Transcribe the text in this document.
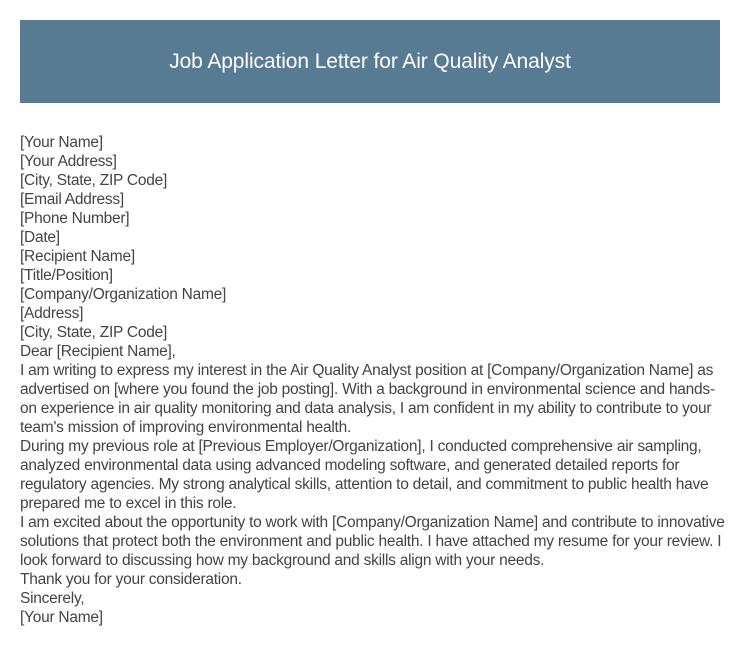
Job Application Letter for Air Quality Analyst
[Your Name]
[Your Address]
[City, State, ZIP Code]
[Email Address]
[Phone Number]
[Date]
[Recipient Name]
[Title/Position]
[Company/Organization Name]
[Address]
[City, State, ZIP Code]
Dear [Recipient Name],

I am writing to express my interest in the Air Quality Analyst position at [Company/Organization Name] as advertised on [where you found the job posting]. With a background in environmental science and hands-on experience in air quality monitoring and data analysis, I am confident in my ability to contribute to your team's mission of improving environmental health.

During my previous role at [Previous Employer/Organization], I conducted comprehensive air sampling, analyzed environmental data using advanced modeling software, and generated detailed reports for regulatory agencies. My strong analytical skills, attention to detail, and commitment to public health have prepared me to excel in this role.

I am excited about the opportunity to work with [Company/Organization Name] and contribute to innovative solutions that protect both the environment and public health. I have attached my resume for your review. I look forward to discussing how my background and skills align with your needs.

Thank you for your consideration.
Sincerely,
[Your Name]
